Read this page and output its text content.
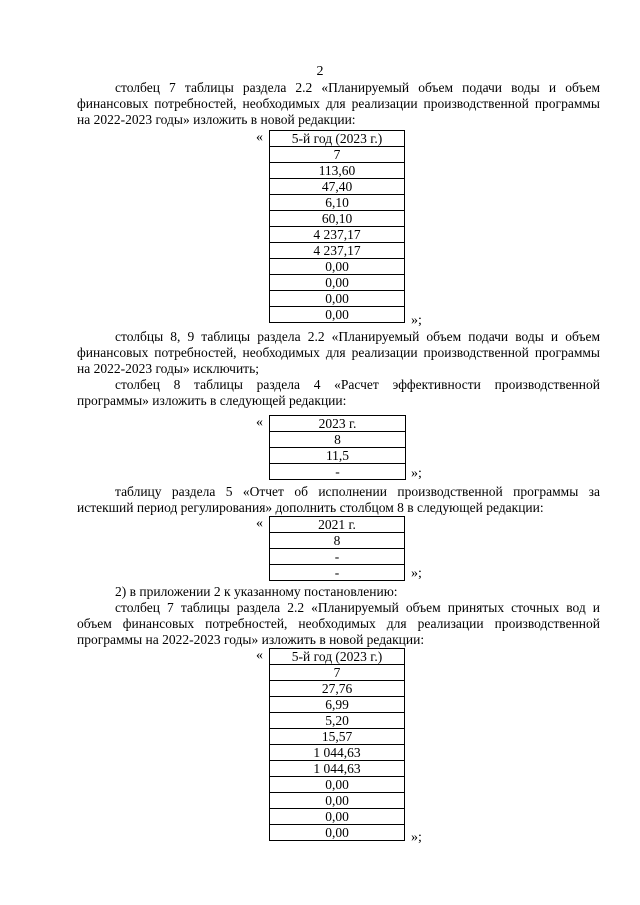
2

столбец 7 таблицы раздела 2.2 «Планируемый объем подачи воды и объем финансовых потребностей, необходимых для реализации производственной программы на 2022-2023 годы» изложить в новой редакции:

« 5-й год (2023 г.)
7
113,60
47,40
6,10
60,10
4 237,17
4 237,17
0,00
0,00
0,00
0,00	»;

столбцы 8, 9 таблицы раздела 2.2 «Планируемый объем подачи воды и объем финансовых потребностей, необходимых для реализации производственной программы на 2022-2023 годы» исключить;

столбец 8 таблицы раздела 4 «Расчет эффективности производственной программы» изложить в следующей редакции:

«	2023 г.
8
11,5
-	»;

таблицу раздела 5 «Отчет об исполнении производственной программы за истекший период регулирования» дополнить столбцом 8 в следующей редакции:

«	2021 г.
8
-
-	»;

2) в приложении 2 к указанному постановлению:

столбец 7 таблицы раздела 2.2 «Планируемый объем принятых сточных вод и объем финансовых потребностей, необходимых для реализации производственной программы на 2022-2023 годы» изложить в новой редакции:

« 5-й год (2023 г.)
7
27,76
6,99
5,20
15,57
1 044,63
1 044,63
0,00
0,00
0,00
0,00	»;
